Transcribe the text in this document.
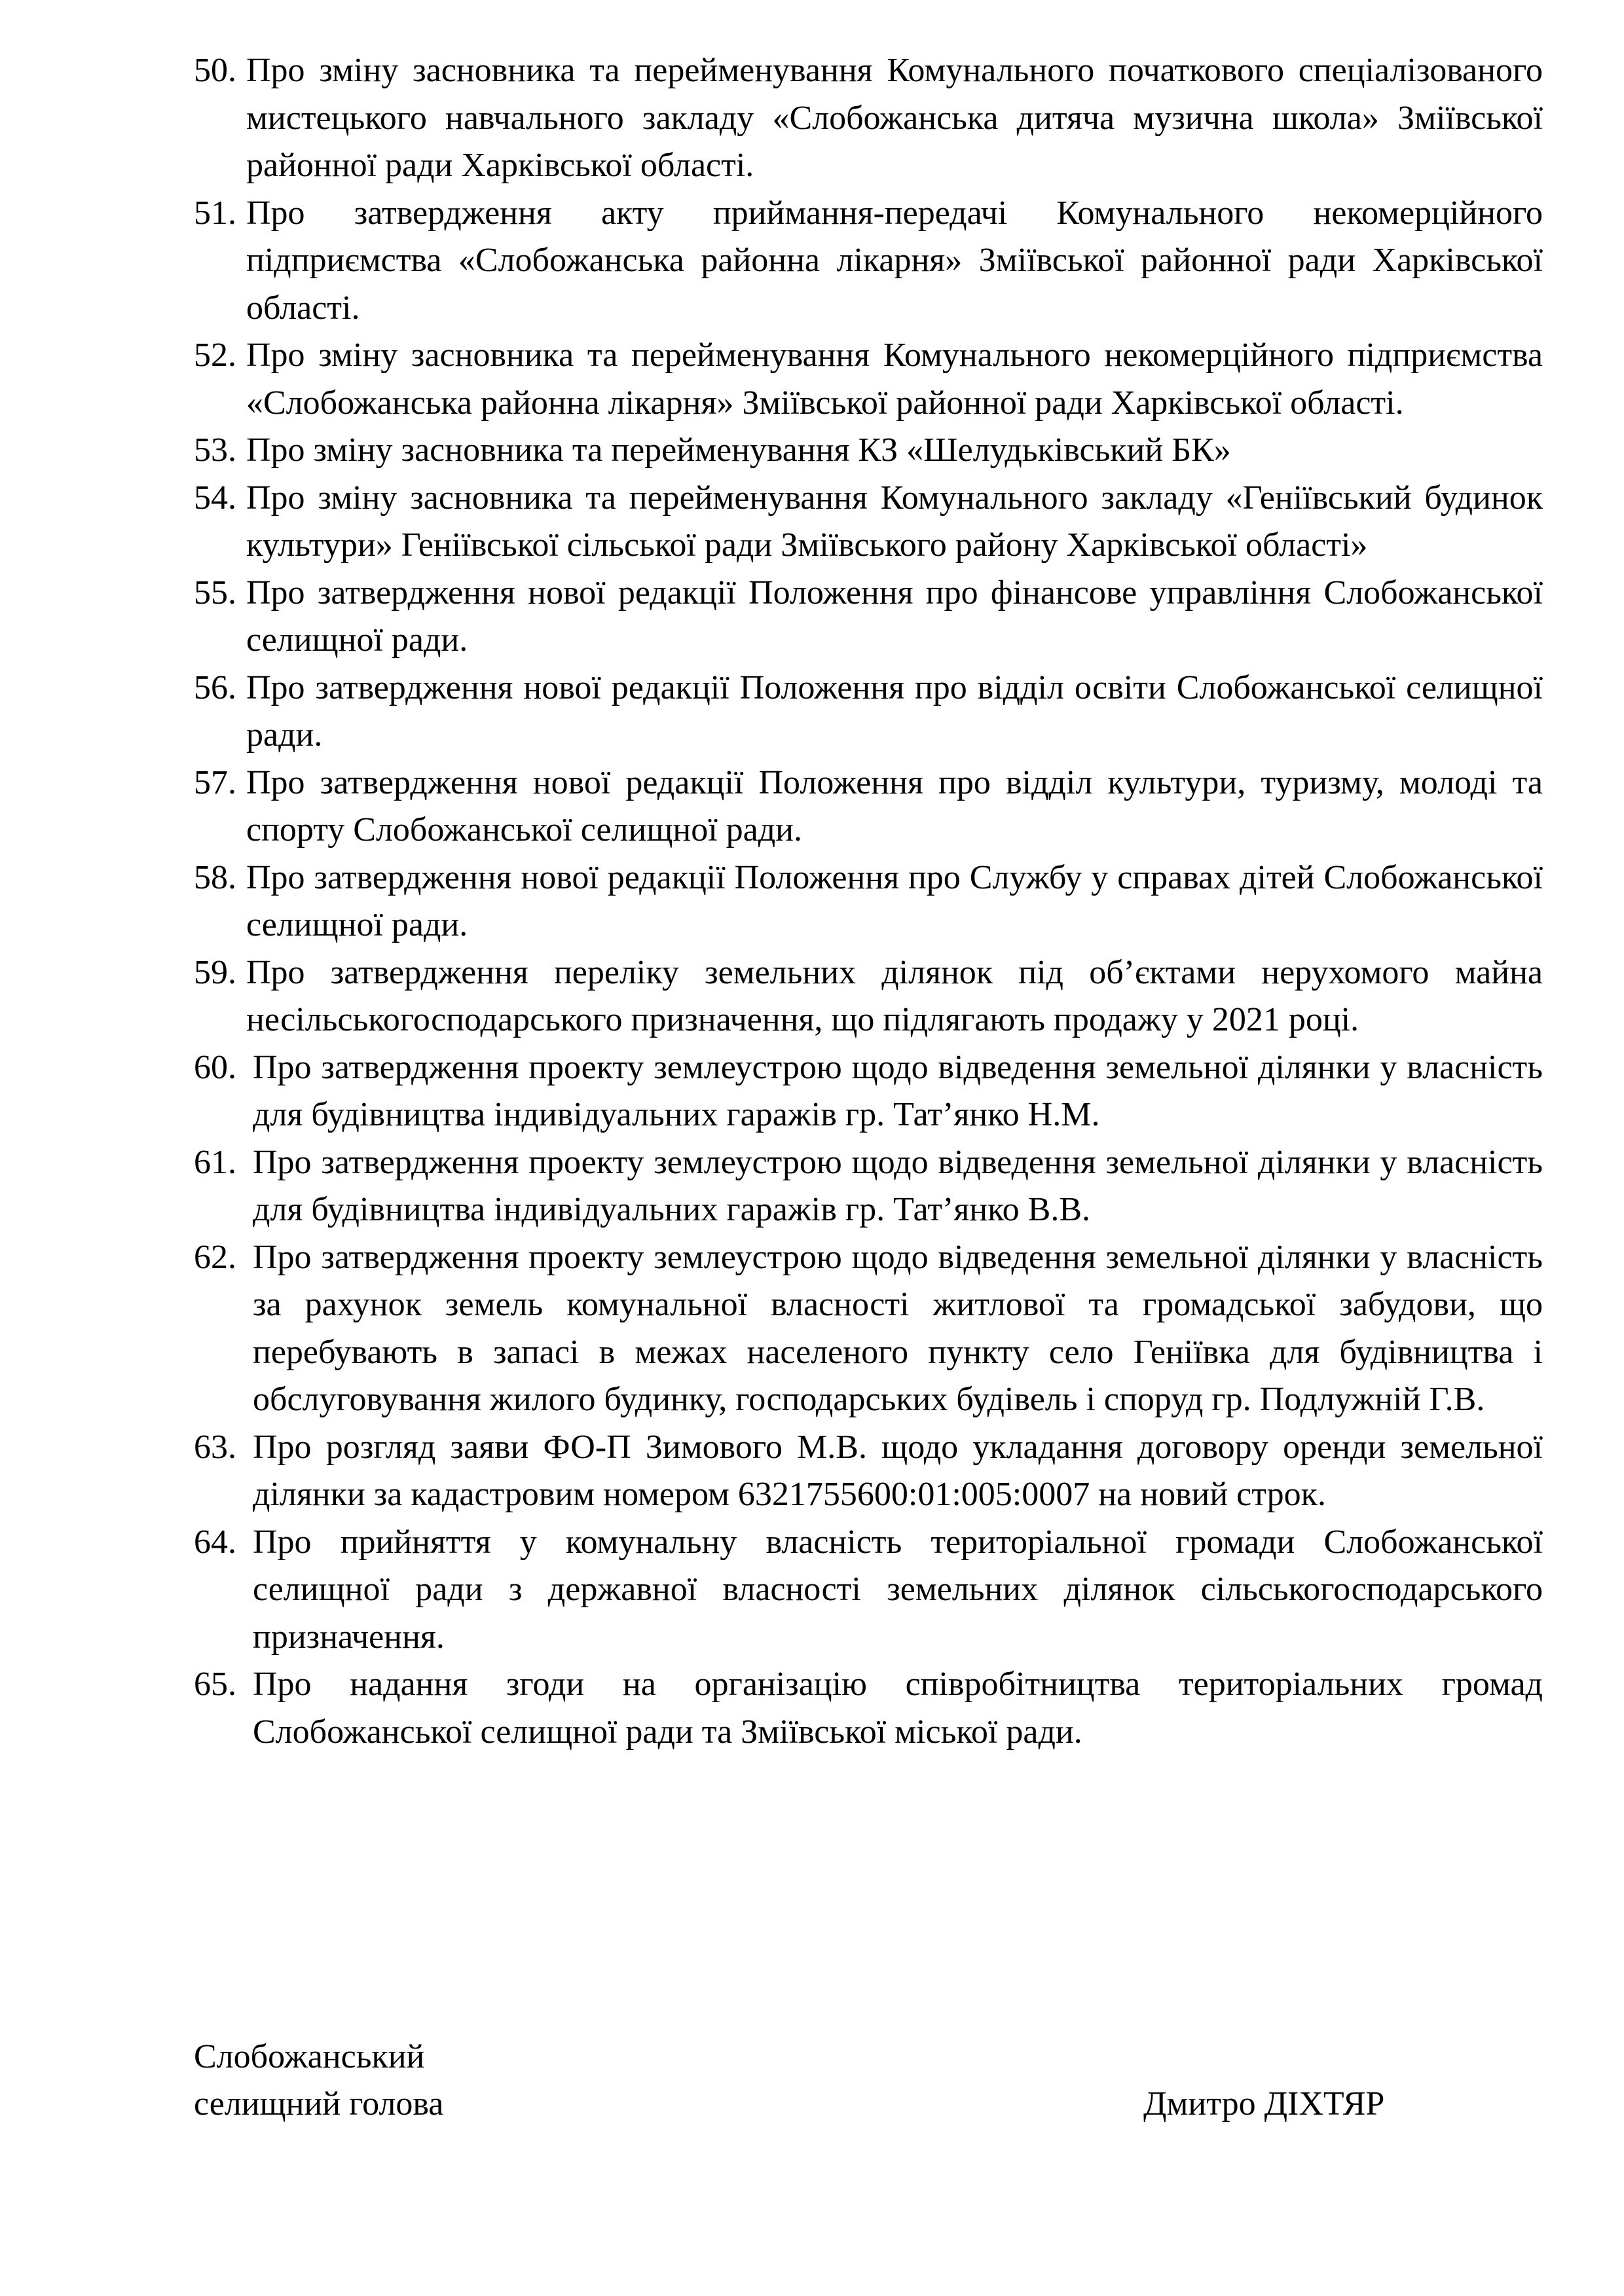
50. Про зміну засновника та перейменування Комунального початкового спеціалізованого мистецького навчального закладу «Слобожанська дитяча музична школа» Зміївської районної ради Харківської області.
51. Про затвердження акту приймання-передачі Комунального некомерційного підприємства «Слобожанська районна лікарня» Зміївської районної ради Харківської області.
52. Про зміну засновника та перейменування Комунального некомерційного підприємства «Слобожанська районна лікарня» Зміївської районної ради Харківської області.
53. Про зміну засновника та перейменування КЗ «Шелудьківський БК»
54. Про зміну засновника та перейменування Комунального закладу «Геніївський будинок культури» Геніївської сільської ради Зміївського району Харківської області»
55. Про затвердження нової редакції Положення про фінансове управління Слобожанської селищної ради.
56. Про затвердження нової редакції Положення про відділ освіти Слобожанської селищної ради.
57. Про затвердження нової редакції Положення про відділ культури, туризму, молоді та спорту Слобожанської селищної ради.
58. Про затвердження нової редакції Положення про Службу у справах дітей Слобожанської селищної ради.
59. Про затвердження переліку земельних ділянок під об’єктами нерухомого майна несільськогосподарського призначення, що підлягають продажу у 2021 році.
60. Про затвердження проекту землеустрою щодо відведення земельної ділянки у власність для будівництва індивідуальних гаражів гр. Тат’янко Н.М.
61. Про затвердження проекту землеустрою щодо відведення земельної ділянки у власність для будівництва індивідуальних гаражів гр. Тат’янко В.В.
62. Про затвердження проекту землеустрою щодо відведення земельної ділянки у власність за рахунок земель комунальної власності житлової та громадської забудови, що перебувають в запасі в межах населеного пункту село Геніївка для будівництва і обслуговування жилого будинку, господарських будівель і споруд гр. Подлужній Г.В.
63. Про розгляд заяви ФО-П Зимового М.В. щодо укладання договору оренди земельної ділянки за кадастровим номером 6321755600:01:005:0007 на новий строк.
64. Про прийняття у комунальну власність територіальної громади Слобожанської селищної ради з державної власності земельних ділянок сільськогосподарського призначення.
65. Про надання згоди на організацію співробітництва територіальних громад Слобожанської селищної ради та Зміївської міської ради.
Слобожанський
селищний голова	Дмитро ДІХТЯР
